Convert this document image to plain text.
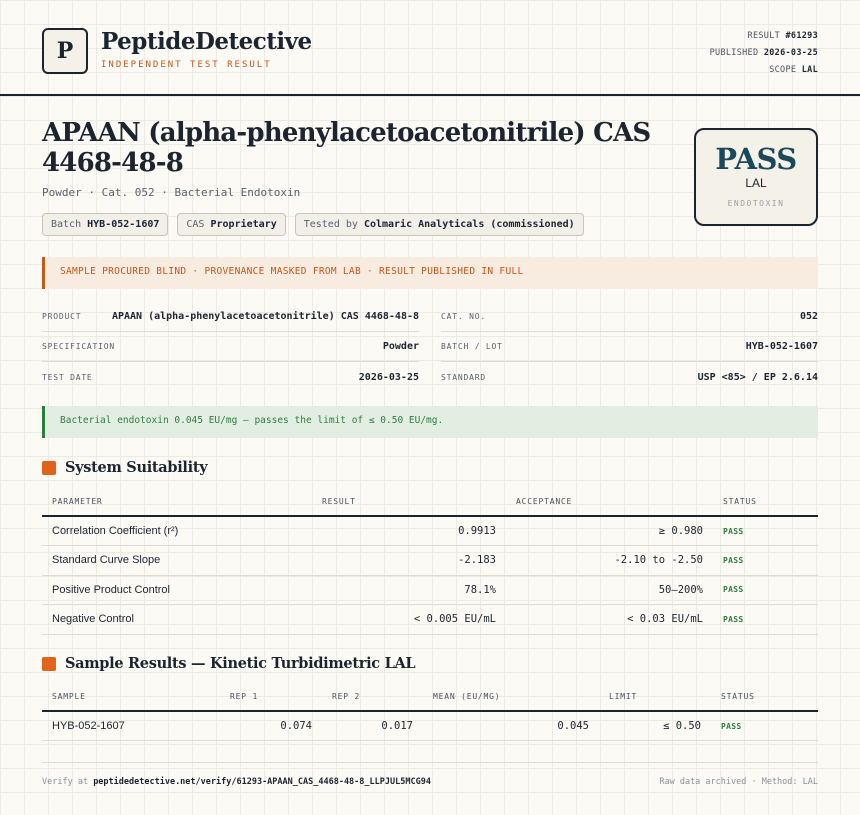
P PeptideDetective
INDEPENDENT TEST RESULT
RESULT #61293
PUBLISHED 2026-03-25
SCOPE LAL
APAAN (alpha-phenylacetoacetonitrile) CAS 4468-48-8
Powder · Cat. 052 · Bacterial Endotoxin
Batch HYB-052-1607	CAS Proprietary	Tested by Colmaric Analyticals (commissioned)
PASS
LAL
ENDOTOXIN
SAMPLE PROCURED BLIND · PROVENANCE MASKED FROM LAB · RESULT PUBLISHED IN FULL
PRODUCT	APAAN (alpha-phenylacetoacetonitrile) CAS 4468-48-8
SPECIFICATION	Powder
TEST DATE	2026-03-25
CAT. NO.	052
BATCH / LOT	HYB-052-1607
STANDARD	USP <85> / EP 2.6.14
Bacterial endotoxin 0.045 EU/mg — passes the limit of ≤ 0.50 EU/mg.
System Suitability
PARAMETER	RESULT	ACCEPTANCE	STATUS
Correlation Coefficient (r²)	0.9913	≥ 0.980	PASS
Standard Curve Slope	-2.183	-2.10 to -2.50	PASS
Positive Product Control	78.1%	50–200%	PASS
Negative Control	< 0.005 EU/mL	< 0.03 EU/mL	PASS
Sample Results — Kinetic Turbidimetric LAL
SAMPLE	REP 1	REP 2	MEAN (EU/MG)	LIMIT	STATUS
HYB-052-1607	0.074	0.017	0.045	≤ 0.50	PASS
Verify at peptidedetective.net/verify/61293-APAAN_CAS_4468-48-8_LLPJUL5MCG94	Raw data archived · Method: LAL
